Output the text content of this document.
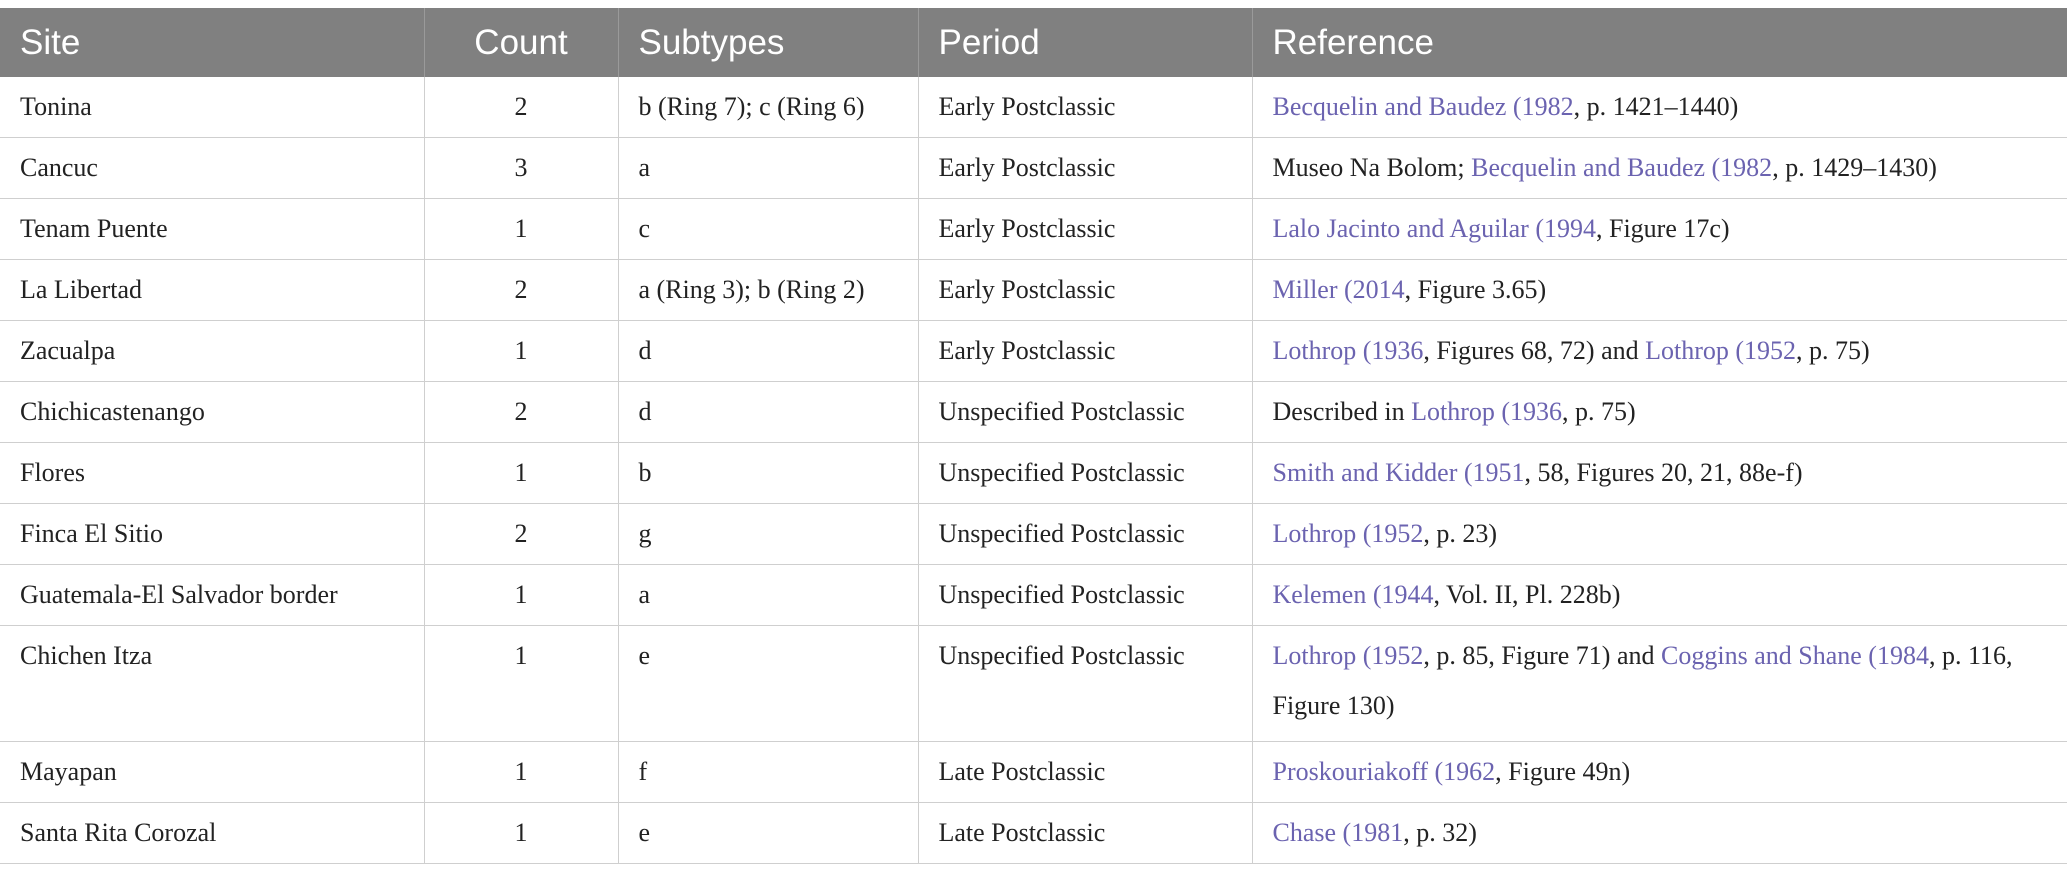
Site	Count	Subtypes	Period	Reference
Tonina	2	b (Ring 7); c (Ring 6)	Early Postclassic	Becquelin and Baudez (1982, p. 1421–1440)
Cancuc	3	a	Early Postclassic	Museo Na Bolom; Becquelin and Baudez (1982, p. 1429–1430)
Tenam Puente	1	c	Early Postclassic	Lalo Jacinto and Aguilar (1994, Figure 17c)
La Libertad	2	a (Ring 3); b (Ring 2)	Early Postclassic	Miller (2014, Figure 3.65)
Zacualpa	1	d	Early Postclassic	Lothrop (1936, Figures 68, 72) and Lothrop (1952, p. 75)
Chichicastenango	2	d	Unspecified Postclassic	Described in Lothrop (1936, p. 75)
Flores	1	b	Unspecified Postclassic	Smith and Kidder (1951, 58, Figures 20, 21, 88e-f)
Finca El Sitio	2	g	Unspecified Postclassic	Lothrop (1952, p. 23)
Guatemala-El Salvador border	1	a	Unspecified Postclassic	Kelemen (1944, Vol. II, Pl. 228b)
Chichen Itza	1	e	Unspecified Postclassic	Lothrop (1952, p. 85, Figure 71) and Coggins and Shane (1984, p. 116, Figure 130)
Mayapan	1	f	Late Postclassic	Proskouriakoff (1962, Figure 49n)
Santa Rita Corozal	1	e	Late Postclassic	Chase (1981, p. 32)
